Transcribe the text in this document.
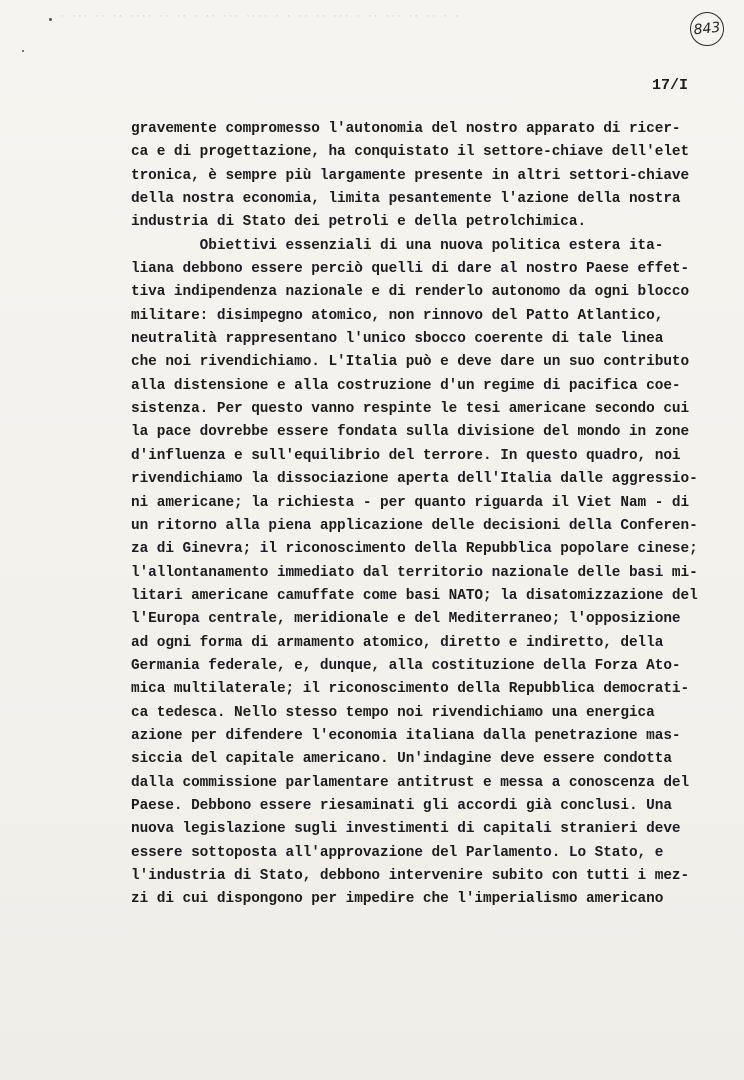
· ··· ·· ·· ···· ·· ·· · ·· ··· ···· · · ·· ·· ··· · ·· ··· ·· ·· · ·
843
17/I
gravemente compromesso l'autonomia del nostro apparato di ricer-
ca e di progettazione, ha conquistato il settore-chiave dell'elet
tronica, è sempre più largamente presente in altri settori-chiave
della nostra economia, limita pesantemente l'azione della nostra
industria di Stato dei petroli e della petrolchimica.
Obiettivi essenziali di una nuova politica estera ita-
liana debbono essere perciò quelli di dare al nostro Paese effet-
tiva indipendenza nazionale e di renderlo autonomo da ogni blocco
militare: disimpegno atomico, non rinnovo del Patto Atlantico,
neutralità rappresentano l'unico sbocco coerente di tale linea
che noi rivendichiamo. L'Italia può e deve dare un suo contributo
alla distensione e alla costruzione d'un regime di pacifica coe-
sistenza. Per questo vanno respinte le tesi americane secondo cui
la pace dovrebbe essere fondata sulla divisione del mondo in zone
d'influenza e sull'equilibrio del terrore. In questo quadro, noi
rivendichiamo la dissociazione aperta dell'Italia dalle aggressio-
ni americane; la richiesta - per quanto riguarda il Viet Nam - di
un ritorno alla piena applicazione delle decisioni della Conferen-
za di Ginevra; il riconoscimento della Repubblica popolare cinese;
l'allontanamento immediato dal territorio nazionale delle basi mi-
litari americane camuffate come basi NATO; la disatomizzazione del
l'Europa centrale, meridionale e del Mediterraneo; l'opposizione
ad ogni forma di armamento atomico, diretto e indiretto, della
Germania federale, e, dunque, alla costituzione della Forza Ato-
mica multilaterale; il riconoscimento della Repubblica democrati-
ca tedesca. Nello stesso tempo noi rivendichiamo una energica
azione per difendere l'economia italiana dalla penetrazione mas-
siccia del capitale americano. Un'indagine deve essere condotta
dalla commissione parlamentare antitrust e messa a conoscenza del
Paese. Debbono essere riesaminati gli accordi già conclusi. Una
nuova legislazione sugli investimenti di capitali stranieri deve
essere sottoposta all'approvazione del Parlamento. Lo Stato, e
l'industria di Stato, debbono intervenire subito con tutti i mez-
zi di cui dispongono per impedire che l'imperialismo americano
